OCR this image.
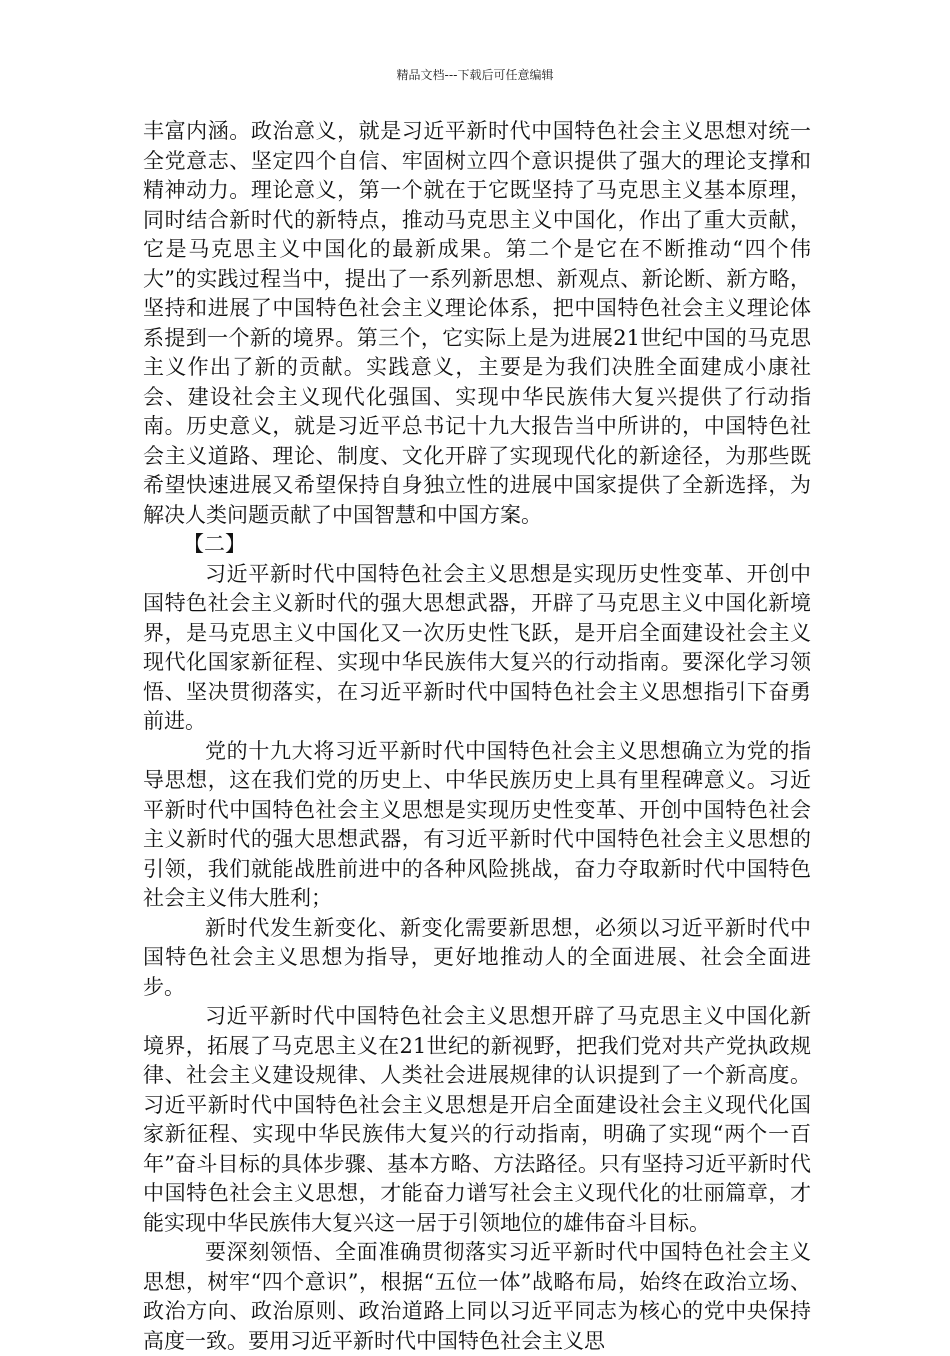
精品文档---下载后可任意编辑

丰富内涵。政治意义，就是习近平新时代中国特色社会主义思想对统一全党意志、坚定四个自信、牢固树立四个意识提供了强大的理论支撑和精神动力。理论意义，第一个就在于它既坚持了马克思主义基本原理，同时结合新时代的新特点，推动马克思主义中国化，作出了重大贡献，它是马克思主义中国化的最新成果。第二个是它在不断推动“四个伟大”的实践过程当中，提出了一系列新思想、新观点、新论断、新方略，坚持和进展了中国特色社会主义理论体系，把中国特色社会主义理论体系提到一个新的境界。第三个，它实际上是为进展21世纪中国的马克思主义作出了新的贡献。实践意义，主要是为我们决胜全面建成小康社会、建设社会主义现代化强国、实现中华民族伟大复兴提供了行动指南。历史意义，就是习近平总书记十九大报告当中所讲的，中国特色社会主义道路、理论、制度、文化开辟了实现现代化的新途径，为那些既希望快速进展又希望保持自身独立性的进展中国家提供了全新选择，为解决人类问题贡献了中国智慧和中国方案。

【二】

习近平新时代中国特色社会主义思想是实现历史性变革、开创中国特色社会主义新时代的强大思想武器，开辟了马克思主义中国化新境界，是马克思主义中国化又一次历史性飞跃，是开启全面建设社会主义现代化国家新征程、实现中华民族伟大复兴的行动指南。要深化学习领悟、坚决贯彻落实，在习近平新时代中国特色社会主义思想指引下奋勇前进。

党的十九大将习近平新时代中国特色社会主义思想确立为党的指导思想，这在我们党的历史上、中华民族历史上具有里程碑意义。习近平新时代中国特色社会主义思想是实现历史性变革、开创中国特色社会主义新时代的强大思想武器，有习近平新时代中国特色社会主义思想的引领，我们就能战胜前进中的各种风险挑战，奋力夺取新时代中国特色社会主义伟大胜利；

新时代发生新变化、新变化需要新思想，必须以习近平新时代中国特色社会主义思想为指导，更好地推动人的全面进展、社会全面进步。

习近平新时代中国特色社会主义思想开辟了马克思主义中国化新境界，拓展了马克思主义在21世纪的新视野，把我们党对共产党执政规律、社会主义建设规律、人类社会进展规律的认识提到了一个新高度。习近平新时代中国特色社会主义思想是开启全面建设社会主义现代化国家新征程、实现中华民族伟大复兴的行动指南，明确了实现“两个一百年”奋斗目标的具体步骤、基本方略、方法路径。只有坚持习近平新时代中国特色社会主义思想，才能奋力谱写社会主义现代化的壮丽篇章，才能实现中华民族伟大复兴这一居于引领地位的雄伟奋斗目标。

要深刻领悟、全面准确贯彻落实习近平新时代中国特色社会主义思想，树牢“四个意识”，根据“五位一体”战略布局，始终在政治立场、政治方向、政治原则、政治道路上同以习近平同志为核心的党中央保持高度一致。要用习近平新时代中国特色社会主义思
